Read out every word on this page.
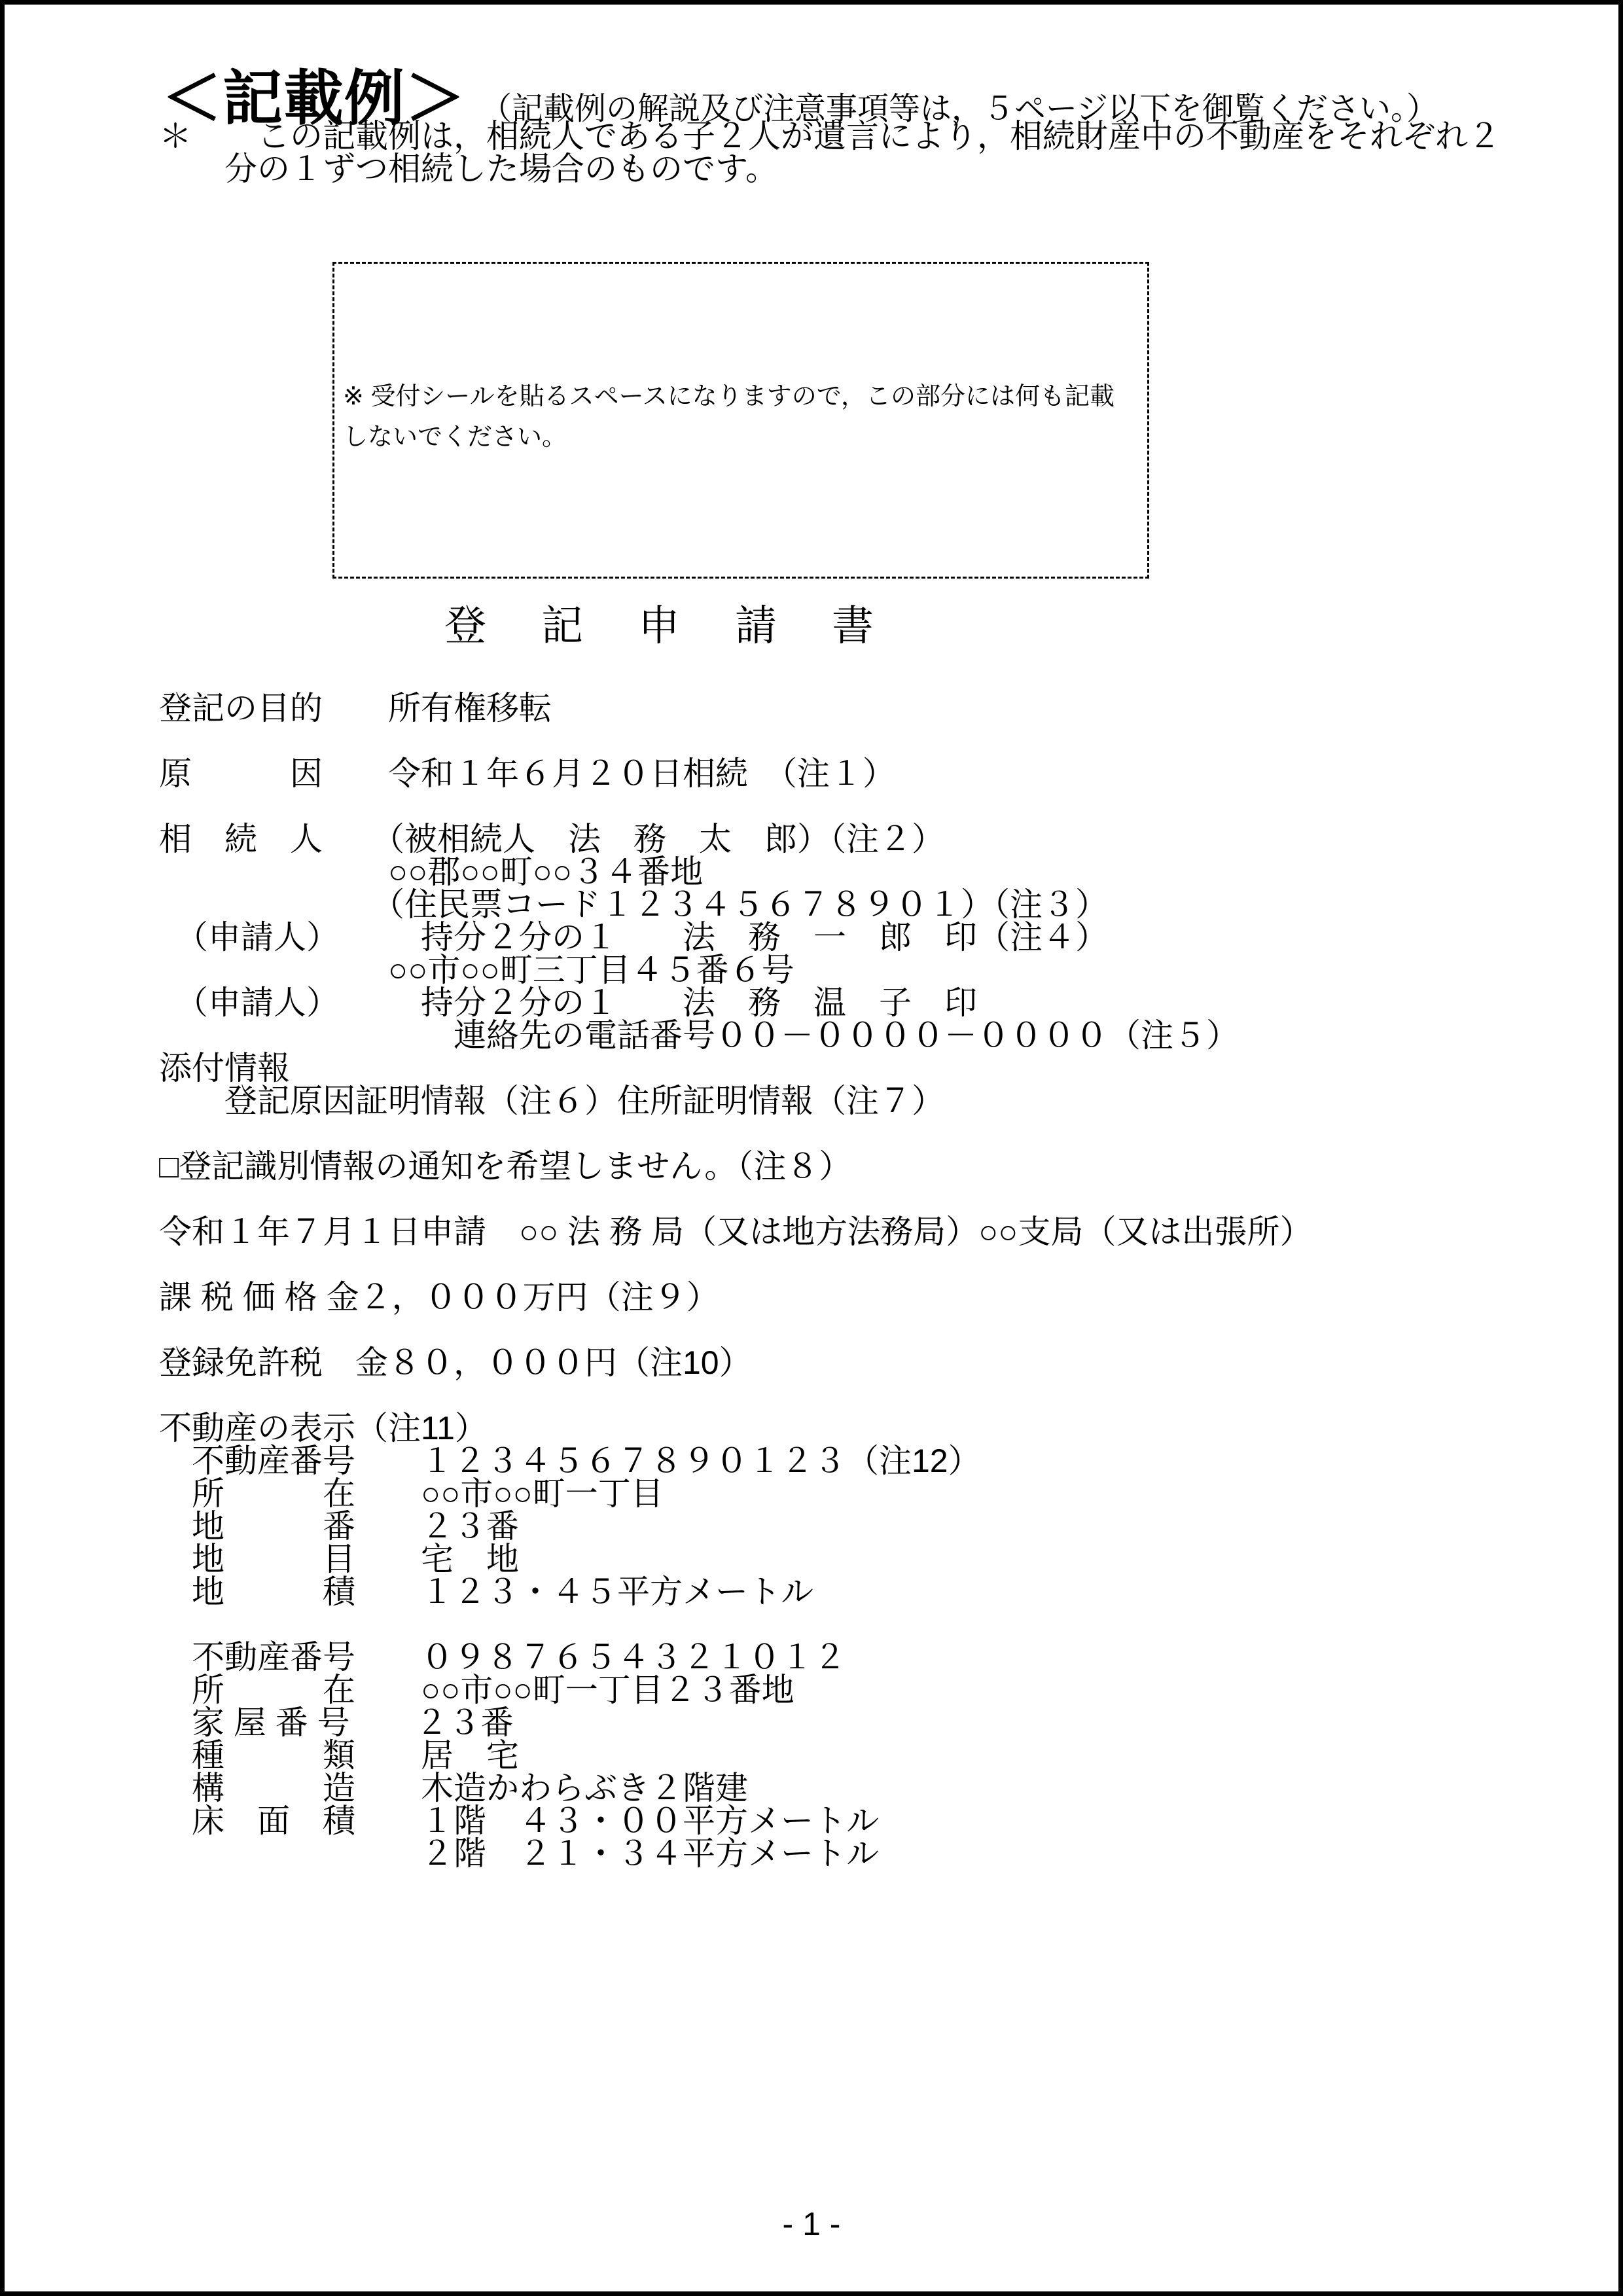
＜記載例＞ （記載例の解説及び注意事項等は，５ページ以下を御覧ください。）
＊　　この記載例は，相続人である子２人が遺言により，相続財産中の不動産をそれぞれ２
　　分の１ずつ相続した場合のものです。
※ 受付シールを貼るスペースになりますので，この部分には何も記載
しないでください。
登　記　申　請　書
登記の目的　　所有権移転
原　　　因　　令和１年６月２０日相続　（注１）
相　続　人　　（被相続人　法　務　太　郎）（注２）
　　　　　　　○○郡○○町○○３４番地
　　　　　　　（住民票コード１２３４５６７８９０１）（注３）
　（申請人）　　　持分２分の１　　法　務　一　郎　印（注４）
　　　　　　　○○市○○町三丁目４５番６号
　（申請人）　　　持分２分の１　　法　務　温　子　印
　　　　　　　　　連絡先の電話番号００－００００－００００（注５）
添付情報
　　登記原因証明情報（注６）住所証明情報（注７）
□登記識別情報の通知を希望しません。（注８）
令和１年７月１日申請　○○ 法 務 局（又は地方法務局）○○支局（又は出張所）
課 税 価 格 金２，０００万円（注９）
登録免許税　金８０，０００円（注10）
不動産の表示（注11）
　不動産番号　　１２３４５６７８９０１２３（注12）
　所　　　在　　○○市○○町一丁目
　地　　　番　　２３番
　地　　　目　　宅　地
　地　　　積　　１２３・４５平方メートル
　不動産番号　　０９８７６５４３２１０１２
　所　　　在　　○○市○○町一丁目２３番地
　家 屋 番 号　　２３番
　種　　　類　　居　宅
　構　　　造　　木造かわらぶき２階建
　床　面　積　　１階　４３・００平方メートル
　　　　　　　　２階　２１・３４平方メートル
- 1 -
